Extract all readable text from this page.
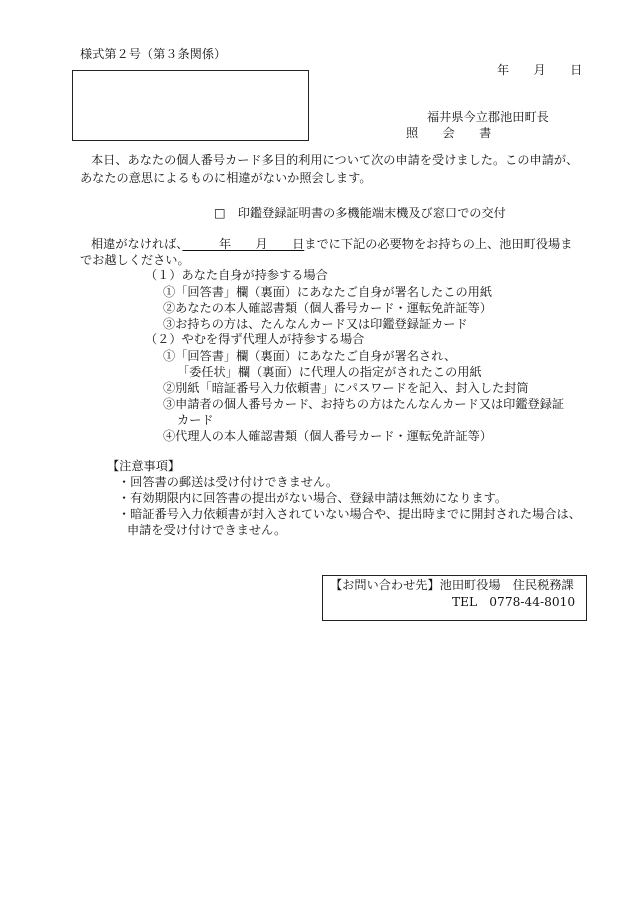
様式第２号（第３条関係）
年　　月　　日
福井県今立郡池田町長
照　　会　　書
本日、あなたの個人番号カード多目的利用について次の申請を受けました。この申請が、
あなたの意思によるものに相違がないか照会します。
□ 印鑑登録証明書の多機能端末機及び窓口での交付
相違がなければ、　　　年　　月　　日までに下記の必要物をお持ちの上、池田町役場ま
でお越しください。
（１）あなた自身が持参する場合
①「回答書」欄（裏面）にあなたご自身が署名したこの用紙
②あなたの本人確認書類（個人番号カード・運転免許証等）
③お持ちの方は、たんなんカード又は印鑑登録証カード
（２）やむを得ず代理人が持参する場合
①「回答書」欄（裏面）にあなたご自身が署名され、
「委任状」欄（裏面）に代理人の指定がされたこの用紙
②別紙「暗証番号入力依頼書」にパスワードを記入、封入した封筒
③申請者の個人番号カード、お持ちの方はたんなんカード又は印鑑登録証
カード
④代理人の本人確認書類（個人番号カード・運転免許証等）
【注意事項】
・回答書の郵送は受け付けできません。
・有効期限内に回答書の提出がない場合、登録申請は無効になります。
・暗証番号入力依頼書が封入されていない場合や、提出時までに開封された場合は、
申請を受け付けできません。
【お問い合わせ先】池田町役場　住民税務課
TEL　0778-44-8010
